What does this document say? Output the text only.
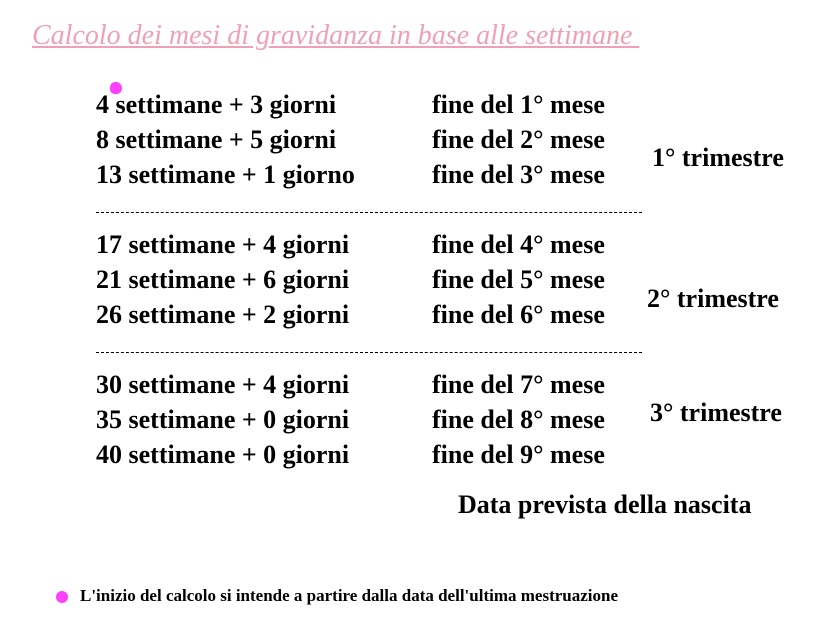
Calcolo dei mesi di gravidanza in base alle settimane
4 settimane + 3 giorni	fine del 1° mese
8 settimane + 5 giorni	fine del 2° mese
13 settimane + 1 giorno	fine del 3° mese
1° trimestre
17 settimane + 4 giorni	fine del 4° mese
21 settimane + 6 giorni	fine del 5° mese
26 settimane + 2 giorni	fine del 6° mese
2° trimestre
30 settimane + 4 giorni	fine del 7° mese
35 settimane + 0 giorni	fine del 8° mese
40 settimane + 0 giorni	fine del 9° mese
3° trimestre
Data prevista della nascita
L'inizio del calcolo si intende a partire dalla data dell'ultima mestruazione
